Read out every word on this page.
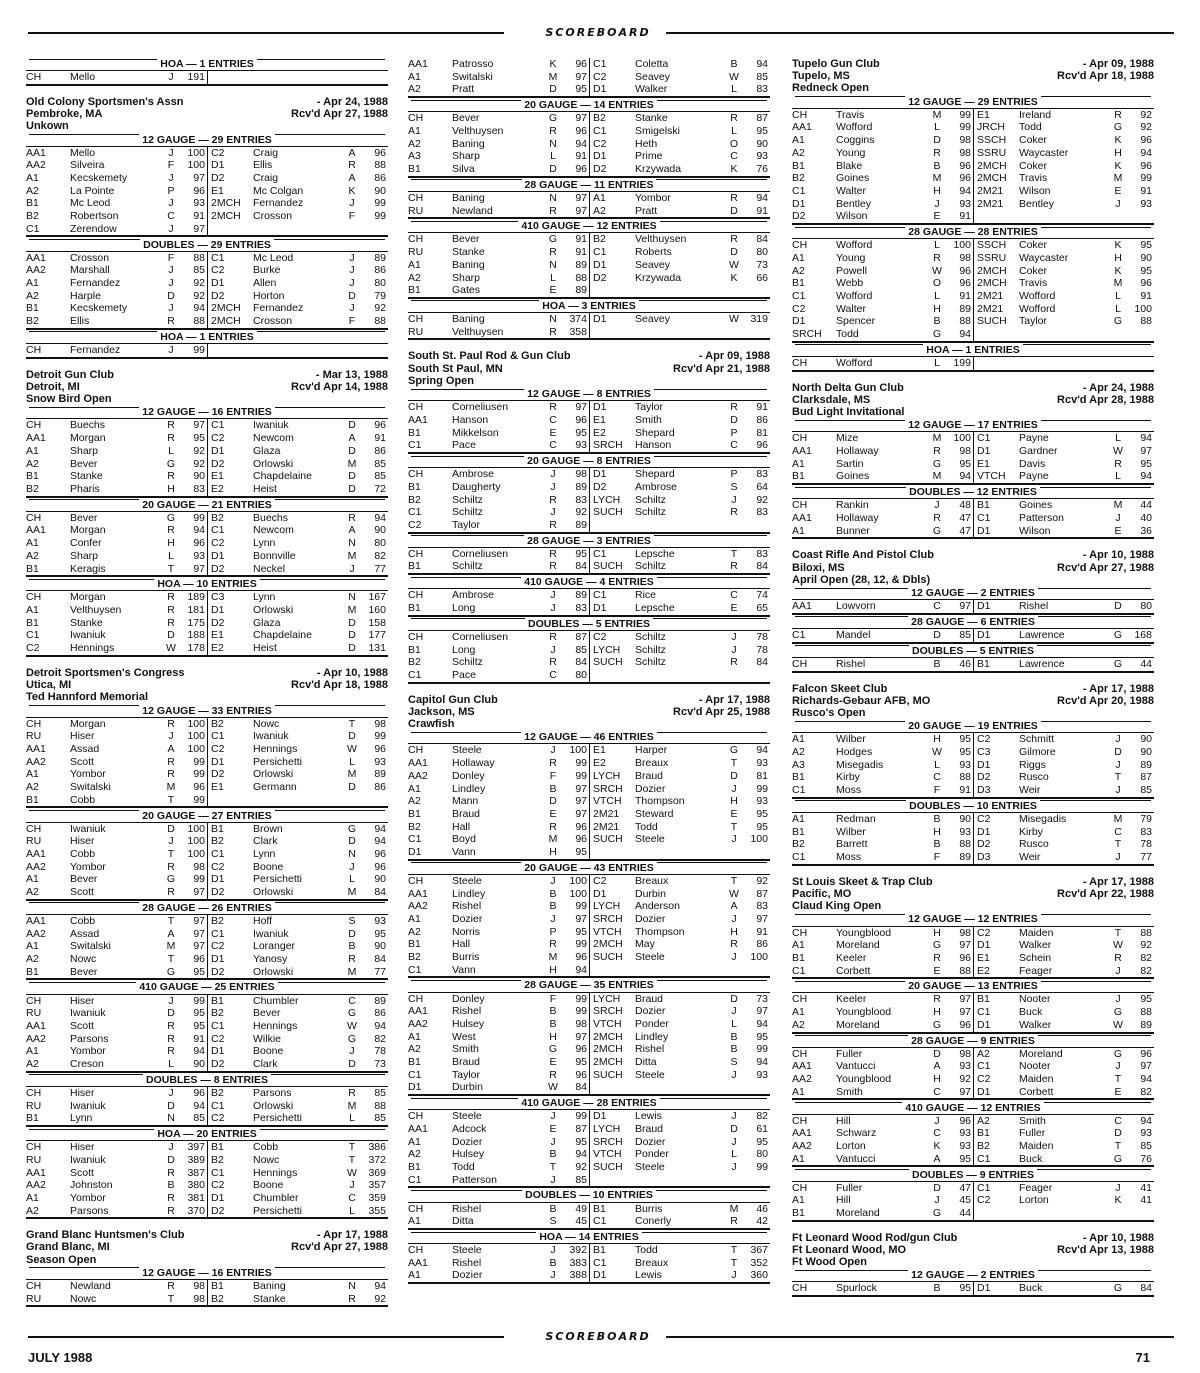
SCOREBOARD
HOA — 1 ENTRIES
CH	Mello	J	191
Old Colony Sportsmen's Assn	- Apr 24, 1988
Pembroke, MA	Rcv'd Apr 27, 1988
Unkown
12 GAUGE — 29 ENTRIES
AA1	Mello	J	100 C2	Craig	A	96
AA2	Silveira	F	100 D1	Ellis	R	88
A1	Kecskemety	J	97 D2	Craig	A	86
A2	La Pointe	P	96 E1	Mc Colgan	K	90
B1	Mc Leod	J	93 2MCH	Fernandez	J	99
B2	Robertson	C	91 2MCH	Crosson	F	99
C1	Zerendow	J	97
DOUBLES — 29 ENTRIES
AA1	Crosson	F	88 C1	Mc Leod	J	89
AA2	Marshall	J	85 C2	Burke	J	86
A1	Fernandez	J	92 D1	Allen	J	80
A2	Harple	D	92 D2	Horton	D	79
B1	Kecskemety	J	94 2MCH	Fernandez	J	92
B2	Ellis	R	88 2MCH	Crosson	F	88
HOA — 1 ENTRIES
CH	Fernandez	J	99
Detroit Gun Club	- Mar 13, 1988
Detroit, MI	Rcv'd Apr 14, 1988
Snow Bird Open
12 GAUGE — 16 ENTRIES
CH	Buechs	R	97 C1	Iwaniuk	D	96
AA1	Morgan	R	95 C2	Newcom	A	91
A1	Sharp	L	92 D1	Glaza	D	86
A2	Bever	G	92 D2	Orlowski	M	85
B1	Stanke	R	90 E1	Chapdelaine	D	85
B2	Pharis	H	83 E2	Heist	D	72
20 GAUGE — 21 ENTRIES
CH	Bever	G	99 B2	Buechs	R	94
AA1	Morgan	R	94 C1	Newcom	A	90
A1	Confer	H	96 C2	Lynn	N	80
A2	Sharp	L	93 D1	Bonnville	M	82
B1	Keragis	T	97 D2	Neckel	J	77
HOA — 10 ENTRIES
CH	Morgan	R	189 C3	Lynn	N	167
A1	Velthuysen	R	181 D1	Orlowski	M	160
B1	Stanke	R	175 D2	Glaza	D	158
C1	Iwaniuk	D	188 E1	Chapdelaine	D	177
C2	Hennings	W	178 E2	Heist	D	131
Detroit Sportsmen's Congress	- Apr 10, 1988
Utica, MI	Rcv'd Apr 18, 1988
Ted Hannford Memorial
12 GAUGE — 33 ENTRIES
CH	Morgan	R	100 B2	Nowc	T	98
RU	Hiser	J	100 C1	Iwaniuk	D	99
AA1	Assad	A	100 C2	Hennings	W	96
AA2	Scott	R	99 D1	Persichetti	L	93
A1	Yombor	R	99 D2	Orlowski	M	89
A2	Switalski	M	96 E1	Germann	D	86
B1	Cobb	T	99
20 GAUGE — 27 ENTRIES
CH	Iwaniuk	D	100 B1	Brown	G	94
RU	Hiser	J	100 B2	Clark	D	94
AA1	Cobb	T	100 C1	Lynn	N	96
AA2	Yombor	R	98 C2	Boone	J	96
A1	Bever	G	99 D1	Persichetti	L	90
A2	Scott	R	97 D2	Orlowski	M	84
28 GAUGE — 26 ENTRIES
AA1	Cobb	T	97 B2	Hoff	S	93
AA2	Assad	A	97 C1	Iwaniuk	D	95
A1	Switalski	M	97 C2	Loranger	B	90
A2	Nowc	T	96 D1	Yanosy	R	84
B1	Bever	G	95 D2	Orlowski	M	77
410 GAUGE — 25 ENTRIES
CH	Hiser	J	99 B1	Chumbler	C	89
RU	Iwaniuk	D	95 B2	Bever	G	86
AA1	Scott	R	95 C1	Hennings	W	94
AA2	Parsons	R	91 C2	Wilkie	G	82
A1	Yombor	R	94 D1	Boone	J	78
A2	Creson	L	90 D2	Clark	D	73
DOUBLES — 8 ENTRIES
CH	Hiser	J	96 B2	Parsons	R	85
RU	Iwaniuk	D	94 C1	Orlowski	M	88
B1	Lynn	N	85 C2	Persichetti	L	85
HOA — 20 ENTRIES
CH	Hiser	J	397 B1	Cobb	T	386
RU	Iwaniuk	D	389 B2	Nowc	T	372
AA1	Scott	R	387 C1	Hennings	W	369
AA2	Johnston	B	380 C2	Boone	J	357
A1	Yombor	R	381 D1	Chumbler	C	359
A2	Parsons	R	370 D2	Persichetti	L	355
Grand Blanc Huntsmen's Club	- Apr 17, 1988
Grand Blanc, MI	Rcv'd Apr 27, 1988
Season Open
12 GAUGE — 16 ENTRIES
CH	Newland	R	98 B1	Baning	N	94
RU	Nowc	T	98 B2	Stanke	R	92
AA1	Patrosso	K	96 C1	Coletta	B	94
A1	Switalski	M	97 C2	Seavey	W	85
A2	Pratt	D	95 D1	Walker	L	83
20 GAUGE — 14 ENTRIES
CH	Bever	G	97 B2	Stanke	R	87
A1	Velthuysen	R	96 C1	Smigelski	L	95
A2	Baning	N	94 C2	Heth	O	90
A3	Sharp	L	91 D1	Prime	C	93
B1	Silva	D	96 D2	Krzywada	K	76
28 GAUGE — 11 ENTRIES
CH	Baning	N	97 A1	Yombor	R	94
RU	Newland	R	97 A2	Pratt	D	91
410 GAUGE — 12 ENTRIES
CH	Bever	G	91 B2	Velthuysen	R	84
RU	Stanke	R	91 C1	Roberts	D	80
A1	Baning	N	89 D1	Seavey	W	73
A2	Sharp	L	88 D2	Krzywada	K	66
B1	Gates	E	89
HOA — 3 ENTRIES
CH	Baning	N	374 D1	Seavey	W	319
RU	Velthuysen	R	358
South St. Paul Rod & Gun Club	- Apr 09, 1988
South St Paul, MN	Rcv'd Apr 21, 1988
Spring Open
12 GAUGE — 8 ENTRIES
CH	Corneliusen	R	97 D1	Taylor	R	91
AA1	Hanson	C	96 E1	Smith	D	86
B1	Mikkelson	E	95 E2	Shepard	P	81
C1	Pace	C	93 SRCH	Hanson	C	96
20 GAUGE — 8 ENTRIES
CH	Ambrose	J	98 D1	Shepard	P	83
B1	Daugherty	J	89 D2	Ambrose	S	64
B2	Schiltz	R	83 LYCH	Schiltz	J	92
C1	Schiltz	J	92 SUCH	Schiltz	R	83
C2	Taylor	R	89
28 GAUGE — 3 ENTRIES
CH	Corneliusen	R	95 C1	Lepsche	T	83
B1	Schiltz	R	84 SUCH	Schiltz	R	84
410 GAUGE — 4 ENTRIES
CH	Ambrose	J	89 C1	Rice	C	74
B1	Long	J	83 D1	Lepsche	E	65
DOUBLES — 5 ENTRIES
CH	Corneliusen	R	87 C2	Schiltz	J	78
B1	Long	J	85 LYCH	Schiltz	J	78
B2	Schiltz	R	84 SUCH	Schiltz	R	84
C1	Pace	C	80
Capitol Gun Club	- Apr 17, 1988
Jackson, MS	Rcv'd Apr 25, 1988
Crawfish
12 GAUGE — 46 ENTRIES
CH	Steele	J	100 E1	Harper	G	94
AA1	Hollaway	R	99 E2	Breaux	T	93
AA2	Donley	F	99 LYCH	Braud	D	81
A1	Lindley	B	97 SRCH	Dozier	J	99
A2	Mann	D	97 VTCH	Thompson	H	93
B1	Braud	E	97 2M21	Steward	E	95
B2	Hall	R	96 2M21	Todd	T	95
C1	Boyd	M	96 SUCH	Steele	J	100
D1	Vann	H	95
20 GAUGE — 43 ENTRIES
CH	Steele	J	100 C2	Breaux	T	92
AA1	Lindley	B	100 D1	Durbin	W	87
AA2	Rishel	B	99 LYCH	Anderson	A	83
A1	Dozier	J	97 SRCH	Dozier	J	97
A2	Norris	P	95 VTCH	Thompson	H	91
B1	Hall	R	99 2MCH	May	R	86
B2	Burris	M	96 SUCH	Steele	J	100
C1	Vann	H	94
28 GAUGE — 35 ENTRIES
CH	Donley	F	99 LYCH	Braud	D	73
AA1	Rishel	B	99 SRCH	Dozier	J	97
AA2	Hulsey	B	98 VTCH	Ponder	L	94
A1	West	H	97 2MCH	Lindley	B	95
A2	Smith	G	96 2MCH	Rishel	B	99
B1	Braud	E	95 2MCH	Ditta	S	94
C1	Taylor	R	96 SUCH	Steele	J	93
D1	Durbin	W	84
410 GAUGE — 28 ENTRIES
CH	Steele	J	99 D1	Lewis	J	82
AA1	Adcock	E	87 LYCH	Braud	D	61
A1	Dozier	J	95 SRCH	Dozier	J	95
A2	Hulsey	B	94 VTCH	Ponder	L	80
B1	Todd	T	92 SUCH	Steele	J	99
C1	Patterson	J	85
DOUBLES — 10 ENTRIES
CH	Rishel	B	49 B1	Burris	M	46
A1	Ditta	S	45 C1	Conerly	R	42
HOA — 14 ENTRIES
CH	Steele	J	392 B1	Todd	T	367
AA1	Rishel	B	383 C1	Breaux	T	352
A1	Dozier	J	388 D1	Lewis	J	360
Tupelo Gun Club	- Apr 09, 1988
Tupelo, MS	Rcv'd Apr 18, 1988
Redneck Open
12 GAUGE — 29 ENTRIES
CH	Travis	M	99 E1	Ireland	R	92
AA1	Wofford	L	99 JRCH	Todd	G	92
A1	Coggins	D	98 SSCH	Coker	K	96
A2	Young	R	98 SSRU	Waycaster	H	94
B1	Blake	B	96 2MCH	Coker	K	96
B2	Goines	M	96 2MCH	Travis	M	99
C1	Walter	H	94 2M21	Wilson	E	91
D1	Bentley	J	93 2M21	Bentley	J	93
D2	Wilson	E	91
28 GAUGE — 28 ENTRIES
CH	Wofford	L	100 SSCH	Coker	K	95
A1	Young	R	98 SSRU	Waycaster	H	90
A2	Powell	W	96 2MCH	Coker	K	95
B1	Webb	O	96 2MCH	Travis	M	96
C1	Wofford	L	91 2M21	Wofford	L	91
C2	Walter	H	89 2M21	Wofford	L	100
D1	Spencer	B	88 SUCH	Taylor	G	88
SRCH	Todd	G	94
HOA — 1 ENTRIES
CH	Wofford	L	199
North Delta Gun Club	- Apr 24, 1988
Clarksdale, MS	Rcv'd Apr 28, 1988
Bud Light Invitational
12 GAUGE — 17 ENTRIES
CH	Mize	M	100 C1	Payne	L	94
AA1	Hollaway	R	98 D1	Gardner	W	97
A1	Sartin	G	95 E1	Davis	R	95
B1	Goines	M	94 VTCH	Payne	L	94
DOUBLES — 12 ENTRIES
CH	Rankin	J	48 B1	Goines	M	44
AA1	Hollaway	R	47 C1	Patterson	J	40
A1	Bunner	G	47 D1	Wilson	E	36
Coast Rifle And Pistol Club	- Apr 10, 1988
Biloxi, MS	Rcv'd Apr 27, 1988
April Open (28, 12, & Dbls)
12 GAUGE — 2 ENTRIES
AA1	Lowvorn	C	97 D1	Rishel	D	80
28 GAUGE — 6 ENTRIES
C1	Mandel	D	85 D1	Lawrence	G	168
DOUBLES — 5 ENTRIES
CH	Rishel	B	46 B1	Lawrence	G	44
Falcon Skeet Club	- Apr 17, 1988
Richards-Gebaur AFB, MO	Rcv'd Apr 20, 1988
Rusco's Open
20 GAUGE — 19 ENTRIES
A1	Wilber	H	95 C2	Schmitt	J	90
A2	Hodges	W	95 C3	Gilmore	D	90
A3	Misegadis	L	93 D1	Riggs	J	89
B1	Kirby	C	88 D2	Rusco	T	87
C1	Moss	F	91 D3	Weir	J	85
DOUBLES — 10 ENTRIES
A1	Redman	B	90 C2	Misegadis	M	79
B1	Wilber	H	93 D1	Kirby	C	83
B2	Barrett	B	88 D2	Rusco	T	78
C1	Moss	F	89 D3	Weir	J	77
St Louis Skeet & Trap Club	- Apr 17, 1988
Pacific, MO	Rcv'd Apr 22, 1988
Claud King Open
12 GAUGE — 12 ENTRIES
CH	Youngblood	H	98 C2	Maiden	T	88
A1	Moreland	G	97 D1	Walker	W	92
B1	Keeler	R	96 E1	Schein	R	82
C1	Corbett	E	88 E2	Feager	J	82
20 GAUGE — 13 ENTRIES
CH	Keeler	R	97 B1	Nooter	J	95
A1	Youngblood	H	97 C1	Buck	G	88
A2	Moreland	G	96 D1	Walker	W	89
28 GAUGE — 9 ENTRIES
CH	Fuller	D	98 A2	Moreland	G	96
AA1	Vantucci	A	93 C1	Nooter	J	97
AA2	Youngblood	H	92 C2	Maiden	T	94
A1	Smith	C	97 D1	Corbett	E	82
410 GAUGE — 12 ENTRIES
CH	Hill	J	96 A2	Smith	C	94
AA1	Schwarz	C	93 B1	Fuller	D	93
AA2	Lorton	K	93 B2	Maiden	T	85
A1	Vantucci	A	95 C1	Buck	G	76
DOUBLES — 9 ENTRIES
CH	Fuller	D	47 C1	Feager	J	41
A1	Hill	J	45 C2	Lorton	K	41
B1	Moreland	G	44
Ft Leonard Wood Rod/gun Club	- Apr 10, 1988
Ft Leonard Wood, MO	Rcv'd Apr 13, 1988
Ft Wood Open
12 GAUGE — 2 ENTRIES
CH	Spurlock	B	95 D1	Buck	G	84
SCOREBOARD
JULY 1988	71
